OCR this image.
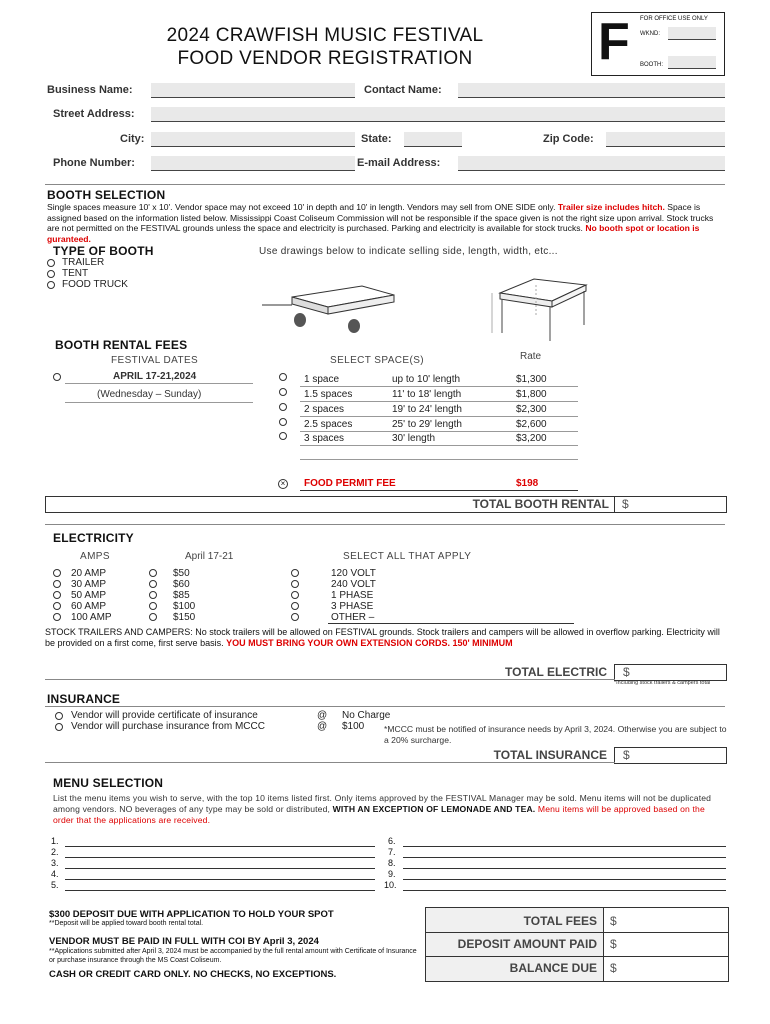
2024 CRAWFISH MUSIC FESTIVAL
FOOD VENDOR REGISTRATION	F FOR OFFICE USE ONLY
WKND:
BOOTH:
Business Name:	Contact Name:
Street Address:
City:	State:	Zip Code:
Phone Number:	E-mail Address:
BOOTH SELECTION
Single spaces measure 10' x 10'. Vendor space may not exceed 10' in depth and 10' in length. Vendors may sell from ONE SIDE only. Trailer size includes hitch. Space is assigned based on the information listed below. Mississippi Coast Coliseum Commission will not be responsible if the space given is not the right size upon arrival. Stock trucks are not permitted on the FESTIVAL grounds unless the space and electricity is purchased. Parking and electricity is available for stock trucks. No booth spot or location is guranteed.
TYPE OF BOOTH
TRAILER
TENT
FOOD TRUCK
Use drawings below to indicate selling side, length, width, etc...
BOOTH RENTAL FEES
FESTIVAL DATES	SELECT SPACE(S)	Rate
APRIL 17-21,2024
(Wednesday – Sunday)
1 space	up to 10' length	$1,300
1.5 spaces	11' to 18' length	$1,800
2 spaces	19' to 24' length	$2,300
2.5 spaces	25' to 29' length	$2,600
3 spaces	30' length	$3,200
× FOOD PERMIT FEE	$198
TOTAL BOOTH RENTAL $
ELECTRICITY
AMPS	April 17-21	SELECT ALL THAT APPLY
20 AMP	$50	120 VOLT
30 AMP	$60	240 VOLT
50 AMP	$85	1 PHASE
60 AMP	$100	3 PHASE
100 AMP	$150	OTHER –
STOCK TRAILERS AND CAMPERS: No stock trailers will be allowed on FESTIVAL grounds. Stock trailers and campers will be allowed in overflow parking. Electricity will be provided on a first come, first serve basis. YOU MUST BRING YOUR OWN EXTENSION CORDS. 150' MINIMUM
$
TOTAL ELECTRIC
*Including stock trailers & campers total
INSURANCE
Vendor will provide certificate of insurance	@ No Charge
Vendor will purchase insurance from MCCC	@ $100 *MCCC must be notified of insurance needs by April 3, 2024. Otherwise you are subject to a 20% surcharge.
$
TOTAL INSURANCE
MENU SELECTION
List the menu items you wish to serve, with the top 10 items listed first. Only items approved by the FESTIVAL Manager may be sold. Menu items will not be duplicated among vendors. NO beverages of any type may be sold or distributed, WITH AN EXCEPTION OF LEMONADE AND TEA. Menu items will be approved based on the order that the applications are received.
1.
2.
3.
4.
5.
6.
7.
8.
9.
10.
$300 DEPOSIT DUE WITH APPLICATION TO HOLD YOUR SPOT
**Deposit will be applied toward booth rental total.
VENDOR MUST BE PAID IN FULL WITH COI BY April 3, 2024
**Applications submitted after April 3, 2024 must be accompanied by the full rental amount with Certificate of Insurance or purchase insurance through the MS Coast Coliseum.
CASH OR CREDIT CARD ONLY. NO CHECKS, NO EXCEPTIONS.
TOTAL FEES $
DEPOSIT AMOUNT PAID $
BALANCE DUE $
